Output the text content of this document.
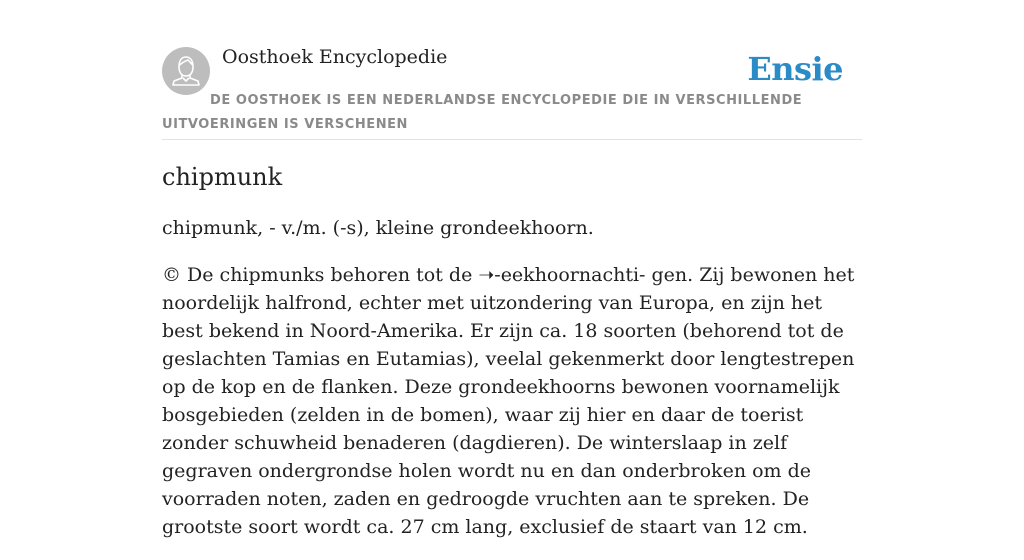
Oosthoek Encyclopedie	Ensie
DE OOSTHOEK IS EEN NEDERLANDSE ENCYCLOPEDIE DIE IN VERSCHILLENDE UITVOERINGEN IS VERSCHENEN
chipmunk

chipmunk, - v./m. (-s), kleine grondeekhoorn.

© De chipmunks behoren tot de ➝-eekhoornachti- gen. Zij bewonen het noordelijk halfrond, echter met uitzondering van Europa, en zijn het best bekend in Noord-Amerika. Er zijn ca. 18 soorten (behorend tot de geslachten Tamias en Eutamias), veelal gekenmerkt door lengtestrepen op de kop en de flanken. Deze grondeekhoorns bewonen voornamelijk bosgebieden (zelden in de bomen), waar zij hier en daar de toerist zonder schuwheid benaderen (dagdieren). De winterslaap in zelf gegraven ondergrondse holen wordt nu en dan onderbroken om de voorraden noten, zaden en gedroogde vruchten aan te spreken. De grootste soort wordt ca. 27 cm lang, exclusief de staart van 12 cm.
